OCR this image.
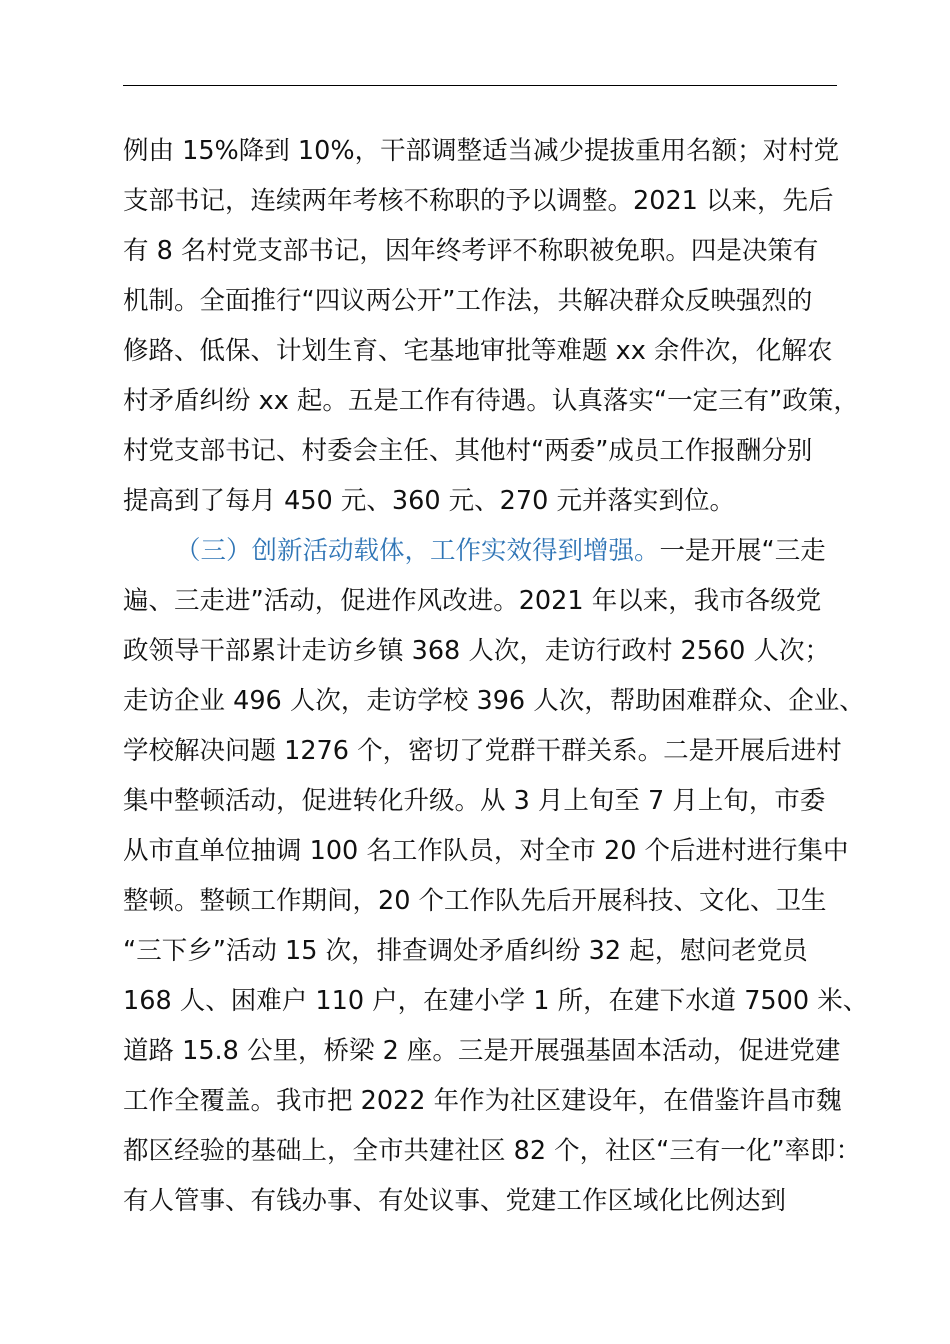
例由 15%降到 10%，干部调整适当减少提拔重用名额；对村党
支部书记，连续两年考核不称职的予以调整。2021 以来，先后
有 8 名村党支部书记，因年终考评不称职被免职。四是决策有
机制。全面推行“四议两公开”工作法，共解决群众反映强烈的
修路、低保、计划生育、宅基地审批等难题 xx 余件次，化解农
村矛盾纠纷 xx 起。五是工作有待遇。认真落实“一定三有”政策，
村党支部书记、村委会主任、其他村“两委”成员工作报酬分别
提高到了每月 450 元、360 元、270 元并落实到位。
（三）创新活动载体，工作实效得到增强。一是开展“三走
遍、三走进”活动，促进作风改进。2021 年以来，我市各级党
政领导干部累计走访乡镇 368 人次，走访行政村 2560 人次；
走访企业 496 人次，走访学校 396 人次，帮助困难群众、企业、
学校解决问题 1276 个，密切了党群干群关系。二是开展后进村
集中整顿活动，促进转化升级。从 3 月上旬至 7 月上旬，市委
从市直单位抽调 100 名工作队员，对全市 20 个后进村进行集中
整顿。整顿工作期间，20 个工作队先后开展科技、文化、卫生
“三下乡”活动 15 次，排查调处矛盾纠纷 32 起，慰问老党员
168 人、困难户 110 户，在建小学 1 所，在建下水道 7500 米、
道路 15.8 公里，桥梁 2 座。三是开展强基固本活动，促进党建
工作全覆盖。我市把 2022 年作为社区建设年，在借鉴许昌市魏
都区经验的基础上，全市共建社区 82 个，社区“三有一化”率即：
有人管事、有钱办事、有处议事、党建工作区域化比例达到
